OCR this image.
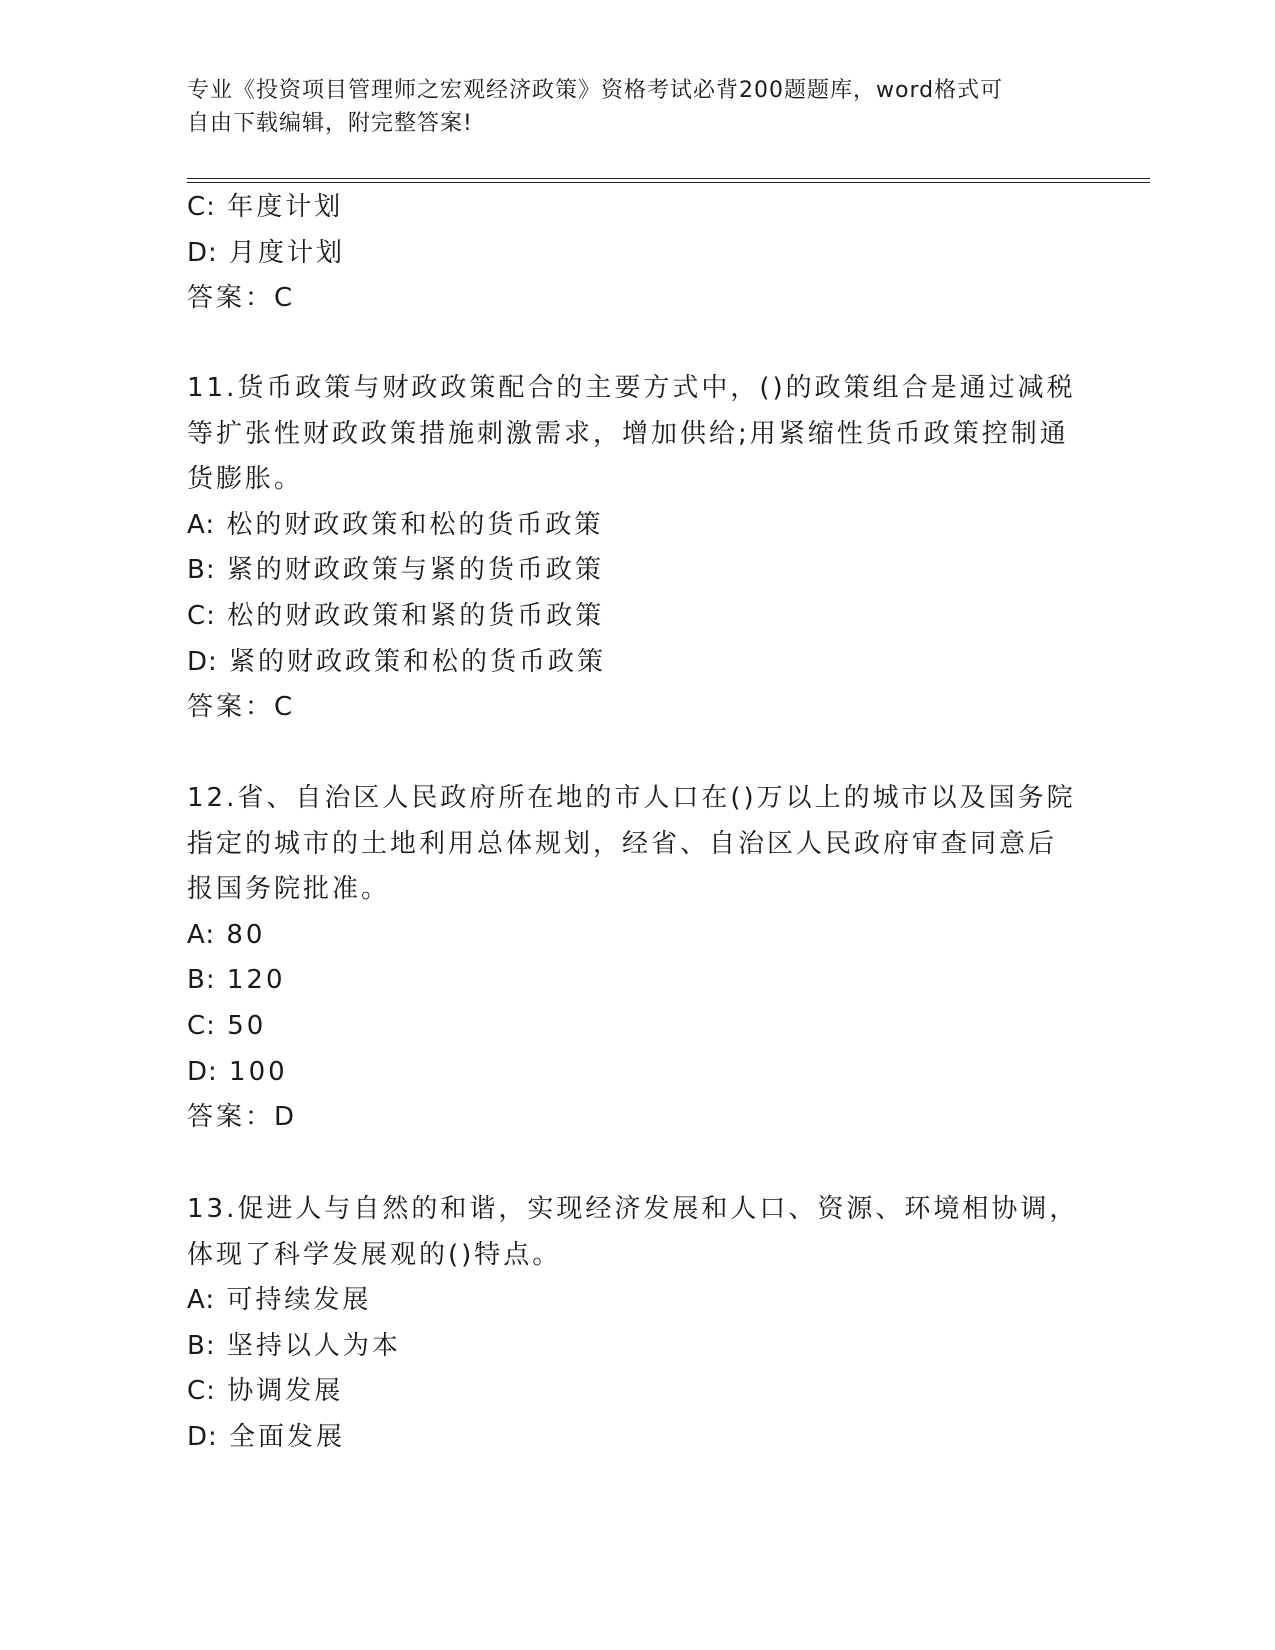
专业《投资项目管理师之宏观经济政策》资格考试必背200题题库，word格式可
自由下载编辑，附完整答案!
C: 年度计划
D: 月度计划
答案：C
11.货币政策与财政政策配合的主要方式中，()的政策组合是通过减税
等扩张性财政政策措施刺激需求，增加供给;用紧缩性货币政策控制通
货膨胀。
A: 松的财政政策和松的货币政策
B: 紧的财政政策与紧的货币政策
C: 松的财政政策和紧的货币政策
D: 紧的财政政策和松的货币政策
答案：C
12.省、自治区人民政府所在地的市人口在()万以上的城市以及国务院
指定的城市的土地利用总体规划，经省、自治区人民政府审查同意后
报国务院批准。
A: 80
B: 120
C: 50
D: 100
答案：D
13.促进人与自然的和谐，实现经济发展和人口、资源、环境相协调，
体现了科学发展观的()特点。
A: 可持续发展
B: 坚持以人为本
C: 协调发展
D: 全面发展
